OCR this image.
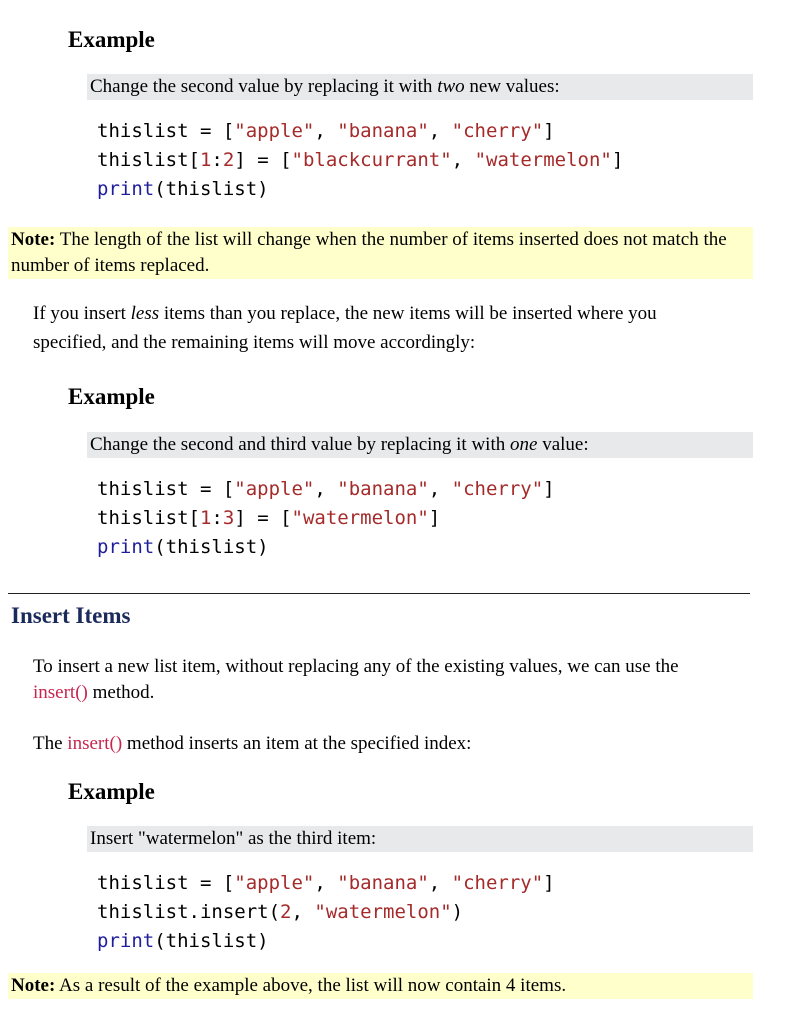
Example
Change the second value by replacing it with two new values:
thislist = ["apple", "banana", "cherry"]
thislist[1:2] = ["blackcurrant", "watermelon"]
print(thislist)
Note: The length of the list will change when the number of items inserted does not match the number of items replaced.
If you insert less items than you replace, the new items will be inserted where you specified, and the remaining items will move accordingly:
Example
Change the second and third value by replacing it with one value:
thislist = ["apple", "banana", "cherry"]
thislist[1:3] = ["watermelon"]
print(thislist)
Insert Items
To insert a new list item, without replacing any of the existing values, we can use the insert() method.
The insert() method inserts an item at the specified index:
Example
Insert "watermelon" as the third item:
thislist = ["apple", "banana", "cherry"]
thislist.insert(2, "watermelon")
print(thislist)
Note: As a result of the example above, the list will now contain 4 items.
